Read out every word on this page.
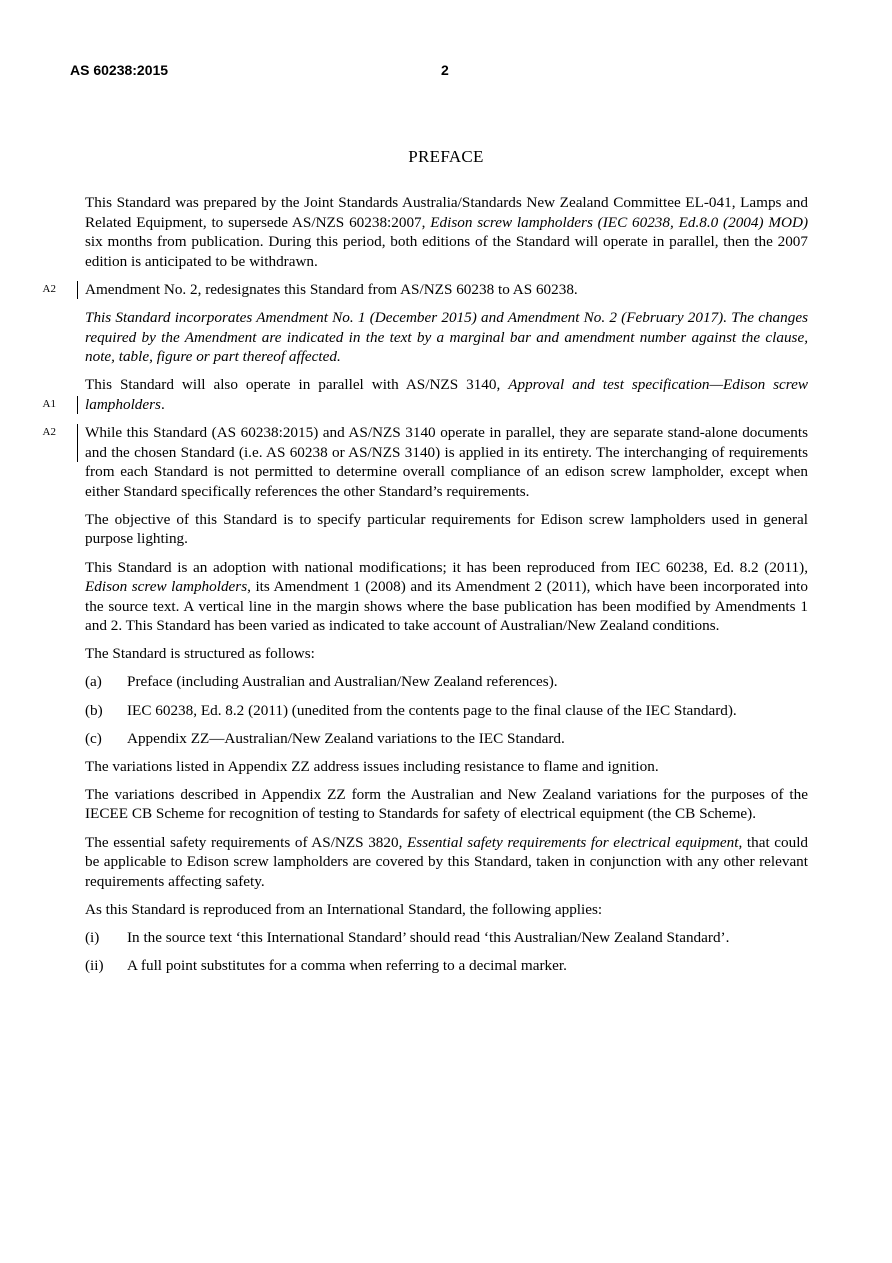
AS 60238:2015	2
PREFACE

This Standard was prepared by the Joint Standards Australia/Standards New Zealand Committee EL-041, Lamps and Related Equipment, to supersede AS/NZS 60238:2007, Edison screw lampholders (IEC 60238, Ed.8.0 (2004) MOD) six months from publication. During this period, both editions of the Standard will operate in parallel, then the 2007 edition is anticipated to be withdrawn.

A2 Amendment No. 2, redesignates this Standard from AS/NZS 60238 to AS 60238.

This Standard incorporates Amendment No. 1 (December 2015) and Amendment No. 2 (February 2017). The changes required by the Amendment are indicated in the text by a marginal bar and amendment number against the clause, note, table, figure or part thereof affected.

A1
This Standard will also operate in parallel with AS/NZS 3140, Approval and test specification—Edison screw lampholders.

A2 While this Standard (AS 60238:2015) and AS/NZS 3140 operate in parallel, they are separate stand-alone documents and the chosen Standard (i.e. AS 60238 or AS/NZS 3140) is applied in its entirety. The interchanging of requirements from each Standard is not permitted to determine overall compliance of an edison screw lampholder, except when either Standard specifically references the other Standard’s requirements.

The objective of this Standard is to specify particular requirements for Edison screw lampholders used in general purpose lighting.

This Standard is an adoption with national modifications; it has been reproduced from IEC 60238, Ed. 8.2 (2011), Edison screw lampholders, its Amendment 1 (2008) and its Amendment 2 (2011), which have been incorporated into the source text. A vertical line in the margin shows where the base publication has been modified by Amendments 1 and 2. This Standard has been varied as indicated to take account of Australian/New Zealand conditions.

The Standard is structured as follows:

(a) Preface (including Australian and Australian/New Zealand references).
(b) IEC 60238, Ed. 8.2 (2011) (unedited from the contents page to the final clause of the IEC Standard).
(c) Appendix ZZ—Australian/New Zealand variations to the IEC Standard.

The variations listed in Appendix ZZ address issues including resistance to flame and ignition.

The variations described in Appendix ZZ form the Australian and New Zealand variations for the purposes of the IECEE CB Scheme for recognition of testing to Standards for safety of electrical equipment (the CB Scheme).

The essential safety requirements of AS/NZS 3820, Essential safety requirements for electrical equipment, that could be applicable to Edison screw lampholders are covered by this Standard, taken in conjunction with any other relevant requirements affecting safety.

As this Standard is reproduced from an International Standard, the following applies:

(i) In the source text ‘this International Standard’ should read ‘this Australian/New Zealand Standard’.
(ii) A full point substitutes for a comma when referring to a decimal marker.
